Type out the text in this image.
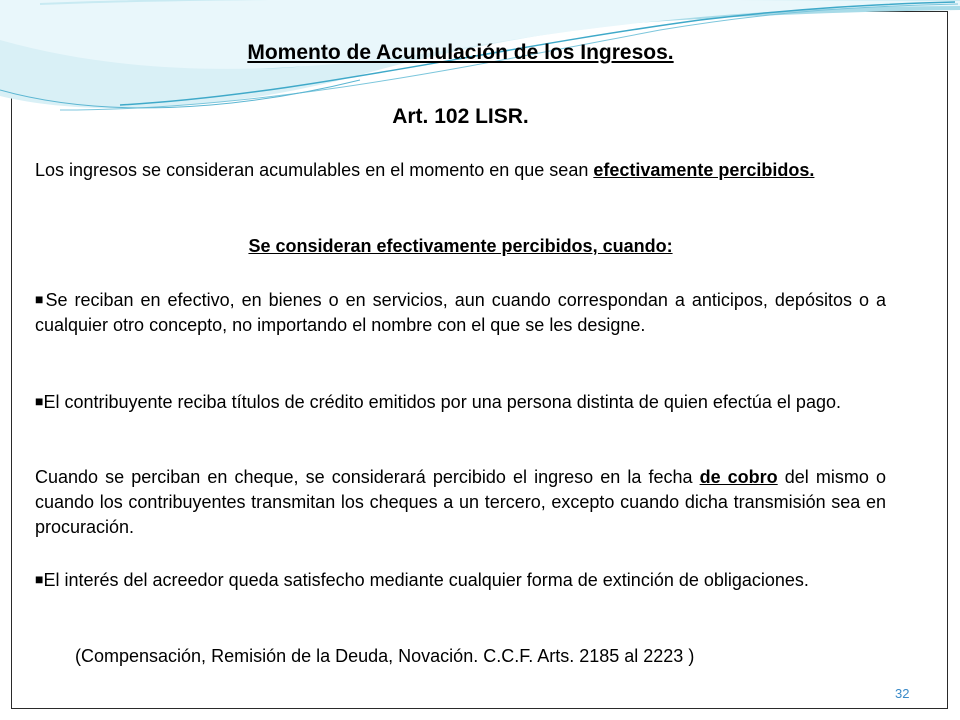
Momento de Acumulación de los Ingresos.
Art. 102 LISR.
Los ingresos se consideran acumulables en el momento en que sean efectivamente percibidos.
Se consideran efectivamente percibidos, cuando:
■Se reciban en efectivo, en bienes o en servicios, aun cuando correspondan a anticipos, depósitos o a cualquier otro concepto, no importando el nombre con el que se les designe.
■El contribuyente reciba títulos de crédito emitidos por una persona distinta de quien efectúa el pago.
Cuando se perciban en cheque, se considerará percibido el ingreso en la fecha de cobro del mismo o cuando los contribuyentes transmitan los cheques a un tercero, excepto cuando dicha transmisión sea en procuración.
■El interés del acreedor queda satisfecho mediante cualquier forma de extinción de obligaciones.
(Compensación, Remisión de la Deuda, Novación. C.C.F. Arts. 2185 al 2223 )
32
